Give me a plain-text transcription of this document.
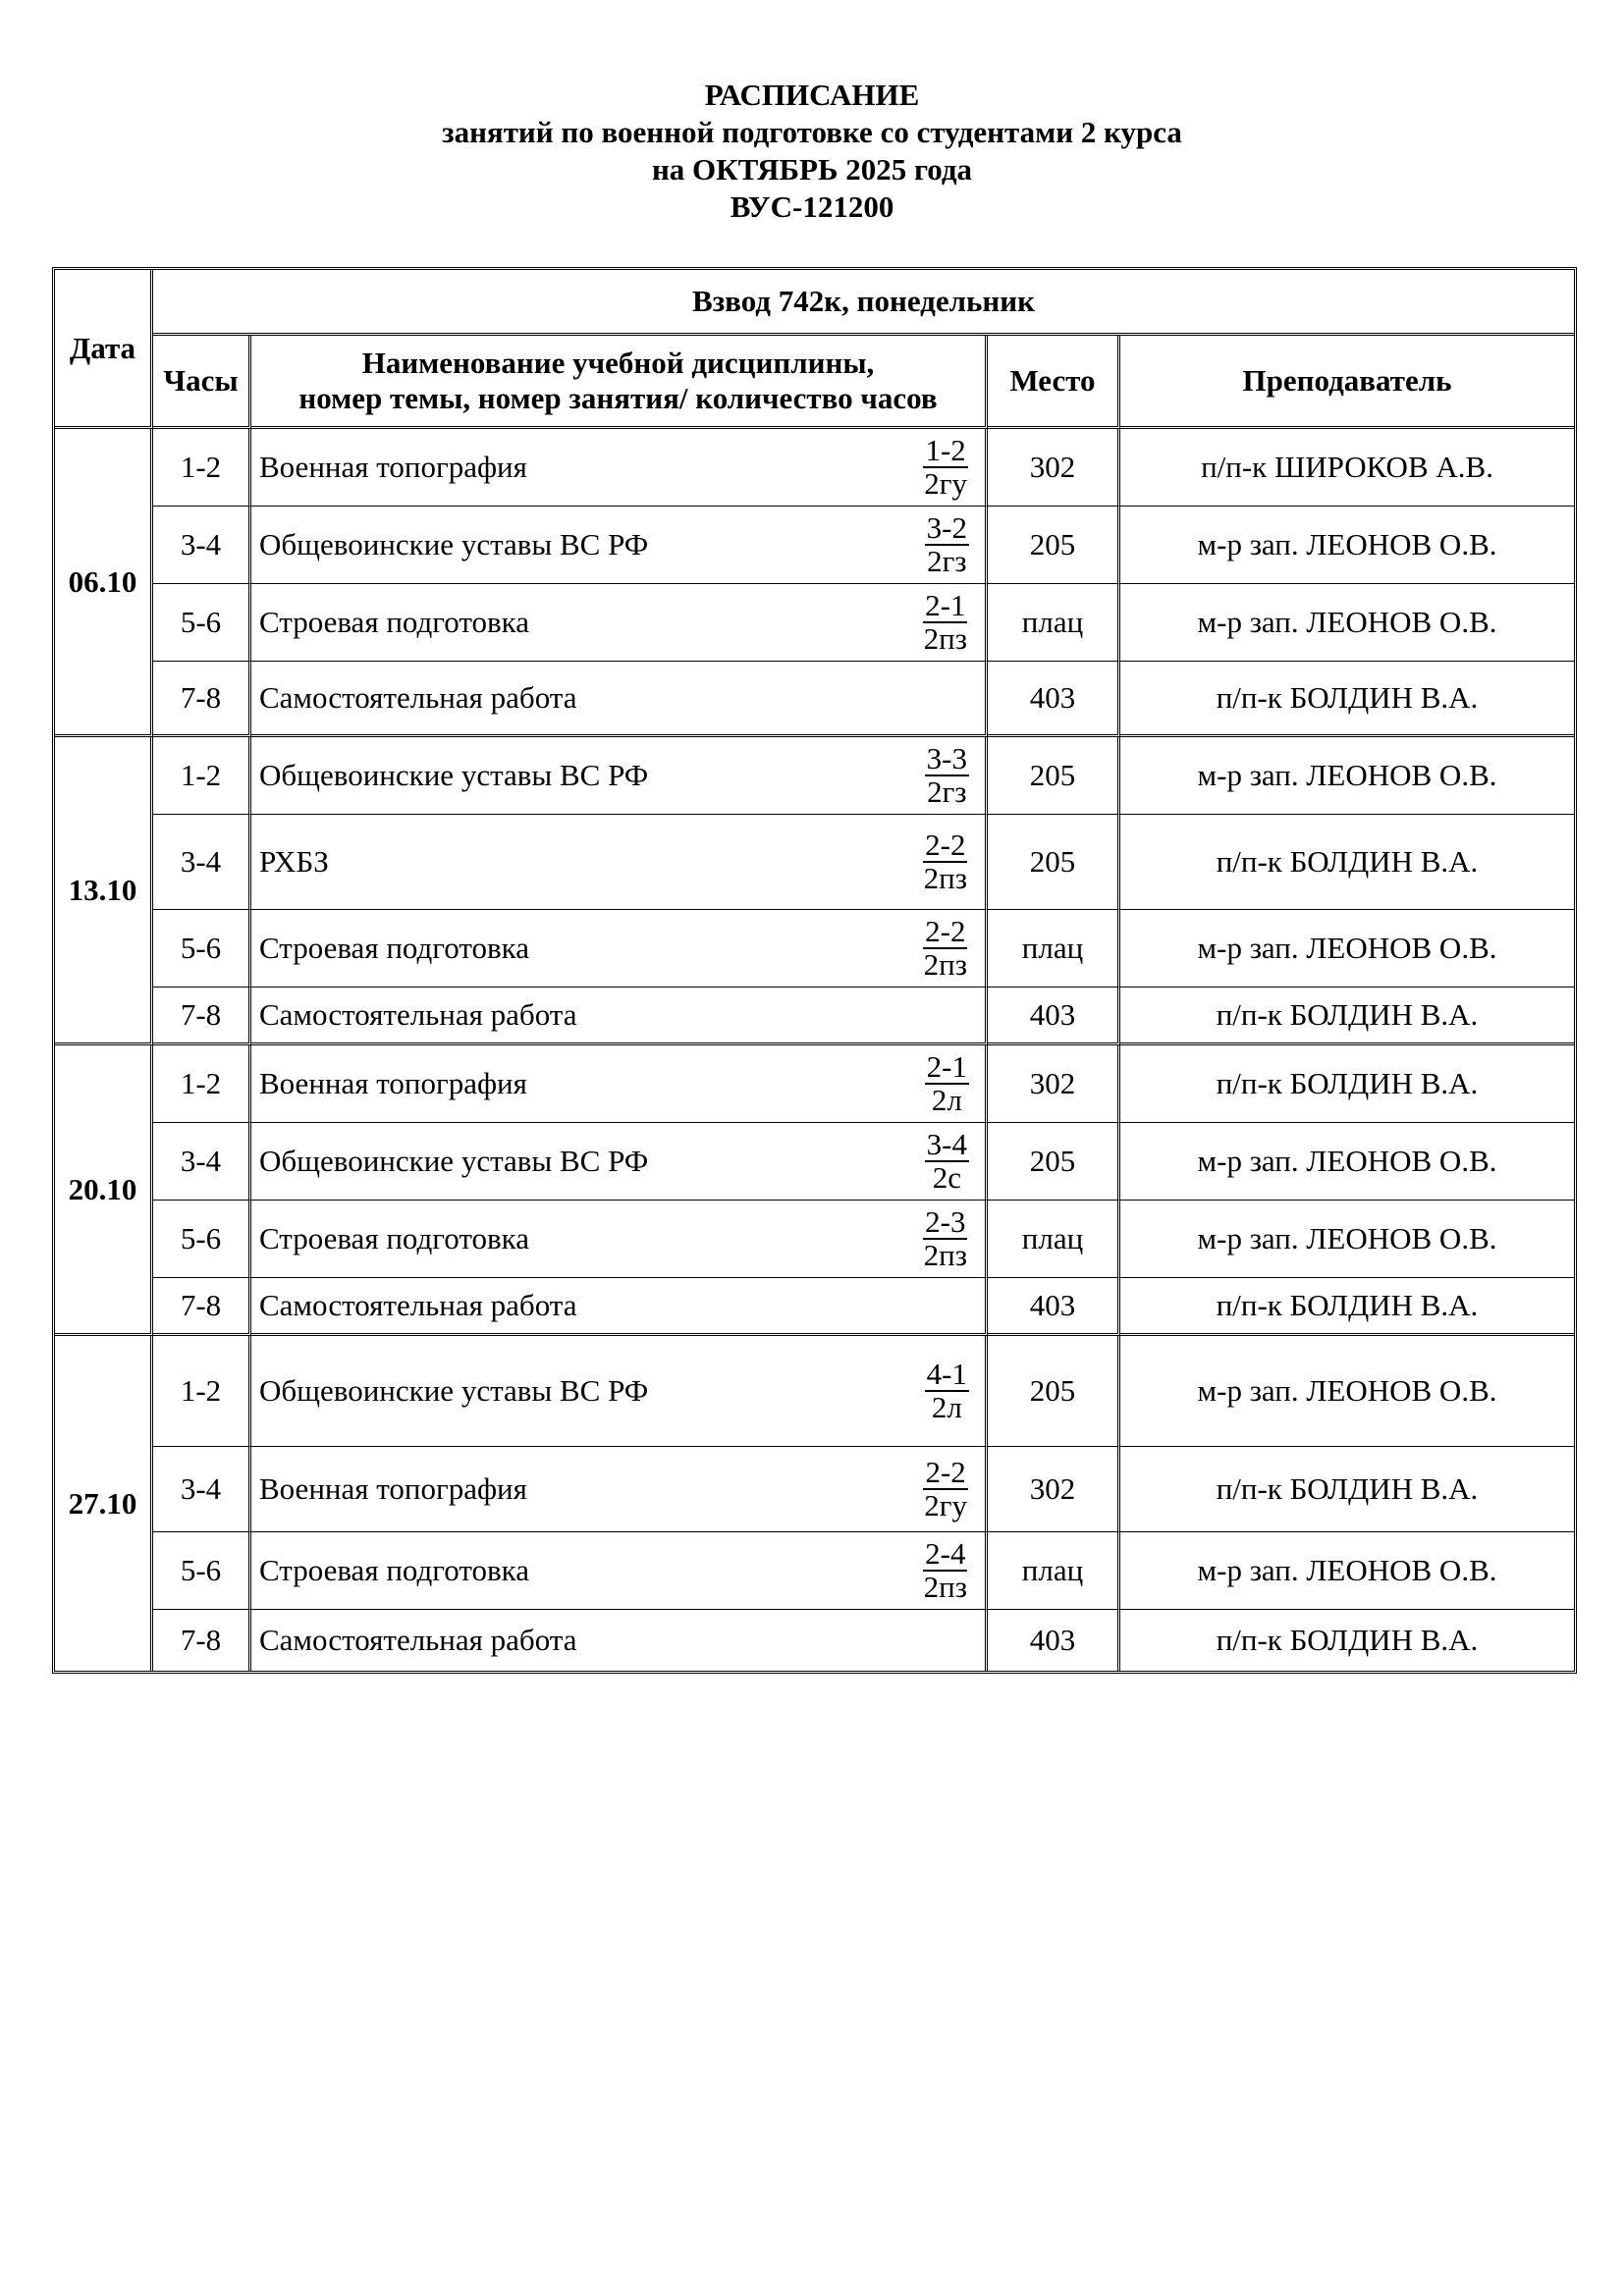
РАСПИСАНИЕ
занятий по военной подготовке со студентами 2 курса
на ОКТЯБРЬ 2025 года
ВУС-121200
Дата	Взвод 742к, понедельник			
	Часы	Наименование учебной дисциплины,
номер темы, номер занятия/ количество часов	Место	Преподаватель
06.10	1-2	Военная топография $\frac{1-2}{2гу}$	302	п/п-к ШИРОКОВ А.В.
	3-4	Общевоинские уставы ВС РФ $\frac{3-2}{2гз}$	205	м-р зап. ЛЕОНОВ О.В.
	5-6	Строевая подготовка $\frac{2-1}{2пз}$	плац	м-р зап. ЛЕОНОВ О.В.
	7-8	Самостоятельная работа	403	п/п-к БОЛДИН В.А.
13.10	1-2	Общевоинские уставы ВС РФ $\frac{3-3}{2гз}$	205	м-р зап. ЛЕОНОВ О.В.
	3-4	РХБЗ $\frac{2-2}{2пз}$	205	п/п-к БОЛДИН В.А.
	5-6	Строевая подготовка $\frac{2-2}{2пз}$	плац	м-р зап. ЛЕОНОВ О.В.
	7-8	Самостоятельная работа	403	п/п-к БОЛДИН В.А.
20.10	1-2	Военная топография $\frac{2-1}{2л}$	302	п/п-к БОЛДИН В.А.
	3-4	Общевоинские уставы ВС РФ $\frac{3-4}{2с}$	205	м-р зап. ЛЕОНОВ О.В.
	5-6	Строевая подготовка $\frac{2-3}{2пз}$	плац	м-р зап. ЛЕОНОВ О.В.
	7-8	Самостоятельная работа	403	п/п-к БОЛДИН В.А.
27.10	1-2	Общевоинские уставы ВС РФ $\frac{4-1}{2л}$	205	м-р зап. ЛЕОНОВ О.В.
	3-4	Военная топография $\frac{2-2}{2гу}$	302	п/п-к БОЛДИН В.А.
	5-6	Строевая подготовка $\frac{2-4}{2пз}$	плац	м-р зап. ЛЕОНОВ О.В.
	7-8	Самостоятельная работа	403	п/п-к БОЛДИН В.А.
